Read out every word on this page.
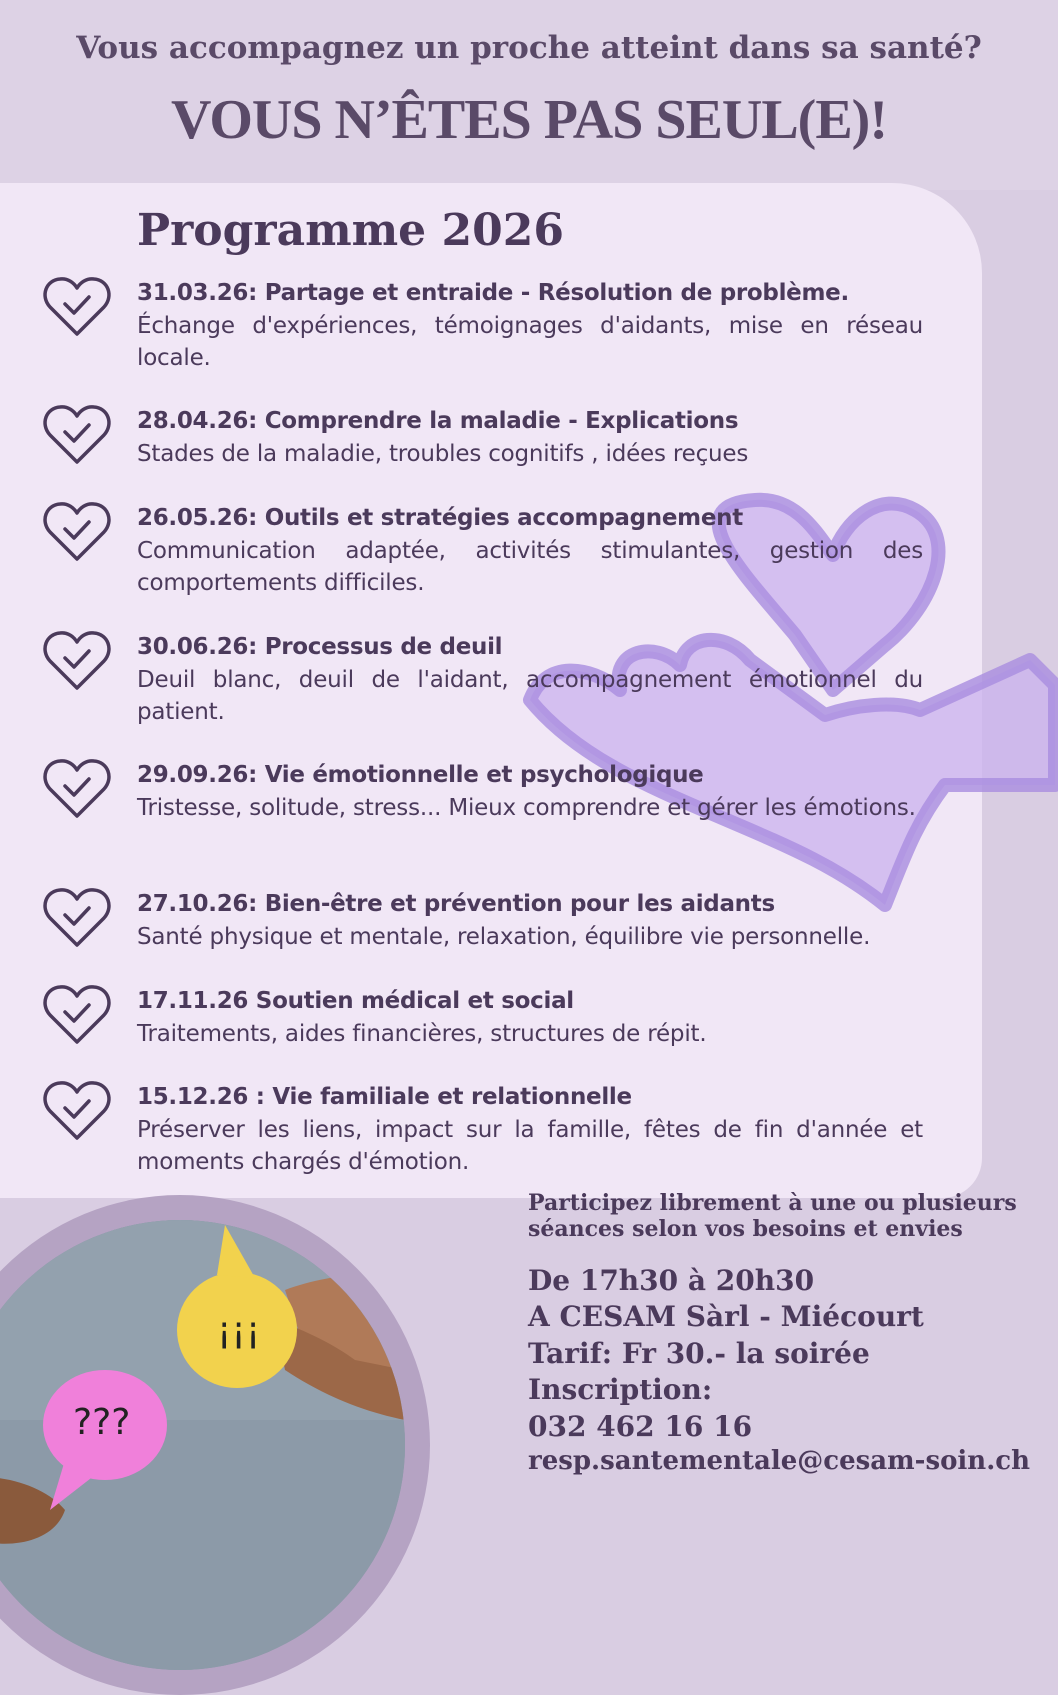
Vous accompagnez un proche atteint dans sa santé?
VOUS N’ÊTES PAS SEUL(E)!
Programme 2026
31.03.26: Partage et entraide - Résolution de problème.
Échange d'expériences, témoignages d'aidants, mise en réseau locale.
28.04.26: Comprendre la maladie - Explications
Stades de la maladie, troubles cognitifs , idées reçues
26.05.26: Outils et stratégies accompagnement
Communication adaptée, activités stimulantes, gestion des comportements difficiles.
30.06.26: Processus de deuil
Deuil blanc, deuil de l'aidant, accompagnement émotionnel du patient.
29.09.26: Vie émotionnelle et psychologique
Tristesse, solitude, stress... Mieux comprendre et gérer les émotions.
27.10.26: Bien-être et prévention pour les aidants
Santé physique et mentale, relaxation, équilibre vie personnelle.
17.11.26 Soutien médical et social
Traitements, aides financières, structures de répit.
15.12.26 : Vie familiale et relationnelle
Préserver les liens, impact sur la famille, fêtes de fin d'année et moments chargés d'émotion.
¡¡¡
???
Participez librement à une ou plusieurs
séances selon vos besoins et envies
De 17h30 à 20h30
A CESAM Sàrl - Miécourt
Tarif: Fr 30.- la soirée
Inscription:
032 462 16 16
resp.santementale@cesam-soin.ch
